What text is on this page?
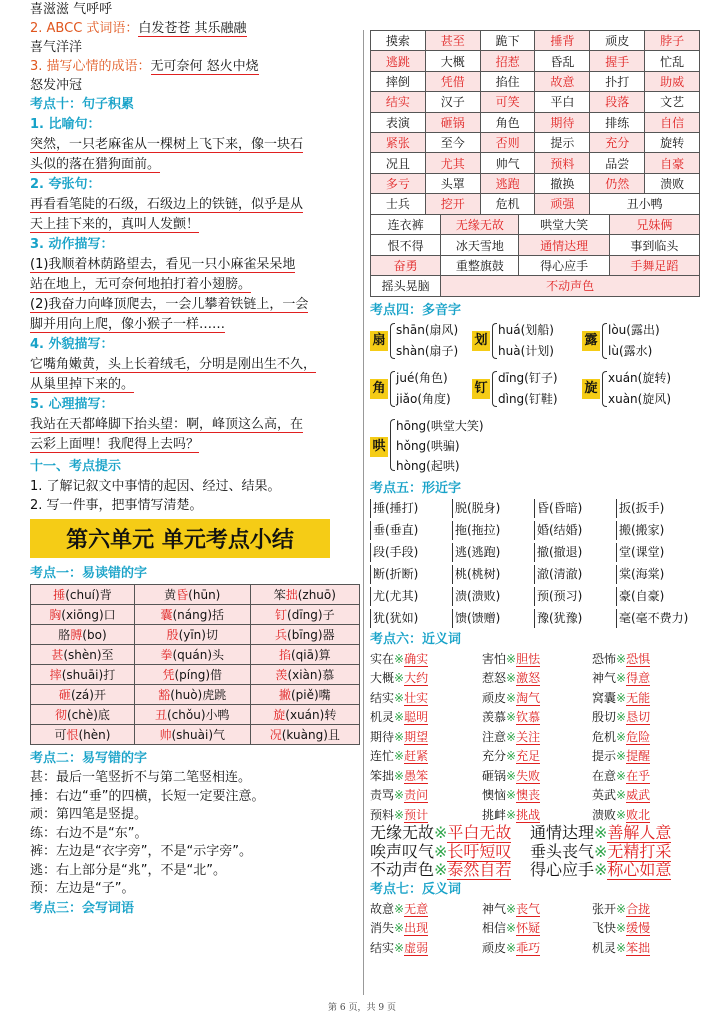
喜滋滋 气呼呼
2. ABCC 式词语：白发苍苍 其乐融融
喜气洋洋
3. 描写心情的成语：无可奈何 怒火中烧
怒发冲冠
考点十：句子积累
1. 比喻句：
突然，一只老麻雀从一棵树上飞下来，像一块石
头似的落在猎狗面前。
2. 夸张句：
再看看笔陡的石级，石级边上的铁链，似乎是从
天上挂下来的，真叫人发颤！
3. 动作描写：
(1)我顺着林荫路望去，看见一只小麻雀呆呆地
站在地上，无可奈何地拍打着小翅膀。
(2)我奋力向峰顶爬去，一会儿攀着铁链上，一会
脚并用向上爬，像小猴子一样……
4. 外貌描写：
它嘴角嫩黄，头上长着绒毛，分明是刚出生不久，
从巢里掉下来的。
5. 心理描写：
我站在天都峰脚下抬头望：啊，峰顶这么高，在
云彩上面哩！我爬得上去吗？
十一、考点提示
1. 了解记叙文中事情的起因、经过、结果。
2. 写一件事，把事情写清楚。
第六单元 单元考点小结
考点一：易读错的字
捶(chuí)背	黄昏(hūn)	笨拙(zhuō)
胸(xiōng)口	囊(náng)括	钉(dīng)子
胳膊(bo)	殷(yīn)切	兵(bīng)器
甚(shèn)至	拳(quán)头	掐(qiā)算
摔(shuāi)打	凭(píng)借	羡(xiàn)慕
砸(zá)开	豁(huò)虎跳	撇(piě)嘴
彻(chè)底	丑(chǒu)小鸭	旋(xuán)转
可恨(hèn)	帅(shuài)气	况(kuàng)且
考点二：易写错的字
甚：最后一笔竖折不与第二笔竖相连。
捶：右边“垂”的四横，长短一定要注意。
顽：第四笔是竖提。
练：右边不是“东”。
裤：左边是“衣字旁”，不是“示字旁”。
逃：右上部分是“兆”，不是“北”。
预：左边是“子”。
考点三：会写词语
摸索	甚至	跪下	捶背	顽皮	脖子
逃跳	大概	招惹	昏乱	握手	忙乱
摔倒	凭借	掐住	故意	扑打	助威
结实	汉子	可笑	平白	段落	文艺
表演	砸锅	角色	期待	排练	自信
紧张	至今	否则	提示	充分	旋转
况且	尤其	帅气	预料	品尝	自豪
多亏	头罩	逃跑	撤换	仍然	溃败
士兵	挖开	危机	顽强	丑小鸭	
连衣裤	无缘无故	哄堂大笑	兄妹俩
恨不得	冰天雪地	通情达理	事到临头
奋勇	重整旗鼓	得心应手	手舞足蹈
摇头晃脑	不动声色		
考点四：多音字
扇
shān(扇风)
shàn(扇子)
划
huá(划船)
huà(计划)
露
lòu(露出)
lù(露水)
角
jué(角色)
jiǎo(角度)
钉
dīng(钉子)
dìng(钉鞋)
旋
xuán(旋转)
xuàn(旋风)
哄
hōng(哄堂大笑)
hǒng(哄骗)
hòng(起哄)
考点五：形近字
捶(捶打)	脱(脱身)	昏(昏暗)	扳(扳手)
垂(垂直)	拖(拖拉)	婚(结婚)	搬(搬家)
段(手段)	逃(逃跑)	撤(撤退)	堂(课堂)
断(折断)	桃(桃树)	澈(清澈)	棠(海棠)
尤(尤其)	溃(溃败)	预(预习)	豪(自豪)
犹(犹如)	馈(馈赠)	豫(犹豫)	毫(毫不费力)
考点六：近义词
实在※确实	害怕※胆怯	恐怖※恐惧
大概※大约	惹怒※激怒	神气※得意
结实※壮实	顽皮※淘气	窝囊※无能
机灵※聪明	羡慕※钦慕	殷切※恳切
期待※期望	注意※关注	危机※危险
连忙※赶紧	充分※充足	提示※提醒
笨拙※愚笨	砸锅※失败	在意※在乎
责骂※责问	懊恼※懊丧	英武※威武
预料※预计	挑衅※挑战	溃败※败北
无缘无故※平白无故	通情达理※善解人意
唉声叹气※长吁短叹	垂头丧气※无精打采
不动声色※泰然自若	得心应手※称心如意
考点七：反义词
故意※无意	神气※丧气	张开※合拢
消失※出现	相信※怀疑	飞快※缓慢
结实※虚弱	顽皮※乖巧	机灵※笨拙
第 6 页，共 9 页
